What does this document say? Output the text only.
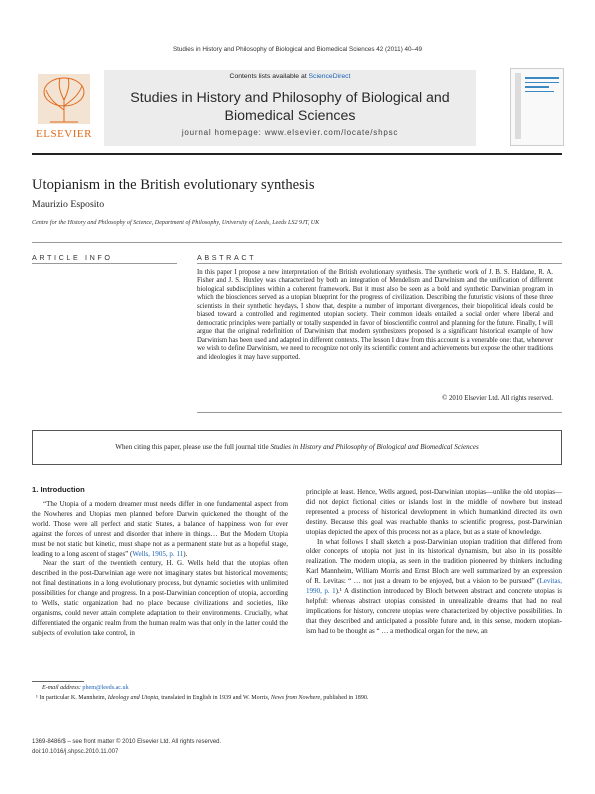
Studies in History and Philosophy of Biological and Biomedical Sciences 42 (2011) 40–49
ELSEVIER
Contents lists available at ScienceDirect
Studies in History and Philosophy of Biological and Biomedical Sciences
journal homepage: www.elsevier.com/locate/shpsc
Utopianism in the British evolutionary synthesis
Maurizio Esposito
Centre for the History and Philosophy of Science, Department of Philosophy, University of Leeds, Leeds LS2 9JT, UK
ARTICLE INFO	ABSTRACT
In this paper I propose a new interpretation of the British evolutionary synthesis. The synthetic work of J. B. S. Haldane, R. A. Fisher and J. S. Huxley was characterized by both an integration of Mendelism and Darwinism and the unification of different biological subdisciplines within a coherent framework. But it must also be seen as a bold and synthetic Darwinian program in which the biosciences served as a utopian blueprint for the progress of civilization. Describing the futuristic visions of these three scientists in their synthetic heydays, I show that, despite a number of important divergences, their biopolitical ideals could be biased toward a controlled and regimented utopian society. Their common ideals entailed a social order where liberal and democratic principles were partially or totally suspended in favor of bioscientific control and planning for the future. Finally, I will argue that the original redefinition of Darwinism that modern synthesizers proposed is a significant historical example of how Darwinism has been used and adapted in different contexts. The lesson I draw from this account is a venerable one: that, whenever we wish to define Darwinism, we need to recognize not only its scientific content and achievements but expose the other traditions and ideologies it may have supported.
© 2010 Elsevier Ltd. All rights reserved.
When citing this paper, please use the full journal title Studies in History and Philosophy of Biological and Biomedical Sciences
1. Introduction

“The Utopia of a modern dreamer must needs differ in one fundamental aspect from the Nowheres and Utopias men planned before Darwin quickened the thought of the world. Those were all perfect and static States, a balance of happiness won for ever against the forces of unrest and disorder that inhere in things… But the Modern Utopia must be not static but kinetic, must shape not as a permanent state but as a hopeful stage, leading to a long ascent of stages” (Wells, 1905, p. 11).

Near the start of the twentieth century, H. G. Wells held that the utopias often described in the post-Darwinian age were not imaginary states but historical movements; not final destinations in a long evolutionary process, but dynamic societies with unlimited possibilities for change and progress. In a post-Darwinian conception of utopia, according to Wells, static organization had no place because civilizations and societies, like organisms, could never attain complete adaptation to their environments. Crucially, what differentiated the organic realm from the human realm was that only in the latter could the subjects of evolution take control, in

principle at least. Hence, Wells argued, post-Darwinian utopias—unlike the old utopias—did not depict fictional cities or islands lost in the middle of nowhere but instead represented a process of historical development in which humankind directed its own destiny. Because this goal was reachable thanks to scientific progress, post-Darwinian utopias depicted the apex of this process not as a place, but as a state of knowledge.

In what follows I shall sketch a post-Darwinian utopian tradition that differed from older concepts of utopia not just in its historical dynamism, but also in its possible realization. The modern utopia, as seen in the tradition pioneered by thinkers including Karl Mannheim, William Morris and Ernst Bloch are well summarized by an expression of R. Levitas: “ … not just a dream to be enjoyed, but a vision to be pursued” (Levitas, 1990, p. 1).¹ A distinction introduced by Bloch between abstract and concrete utopias is helpful: whereas abstract utopias consisted in unrealizable dreams that had no real implications for history, concrete utopias were characterized by objective possibilities. In that they described and anticipated a possible future and, in this sense, modern utopian-ism had to be thought as “ … a methodical organ for the new, an

E-mail address: phem@leeds.ac.uk
¹ In particular K. Mannheim, Ideology and Utopia, translated in English in 1939 and W. Morris, News from Nowhere, published in 1890.
1369-8486/$ – see front matter © 2010 Elsevier Ltd. All rights reserved.
doi:10.1016/j.shpsc.2010.11.007
